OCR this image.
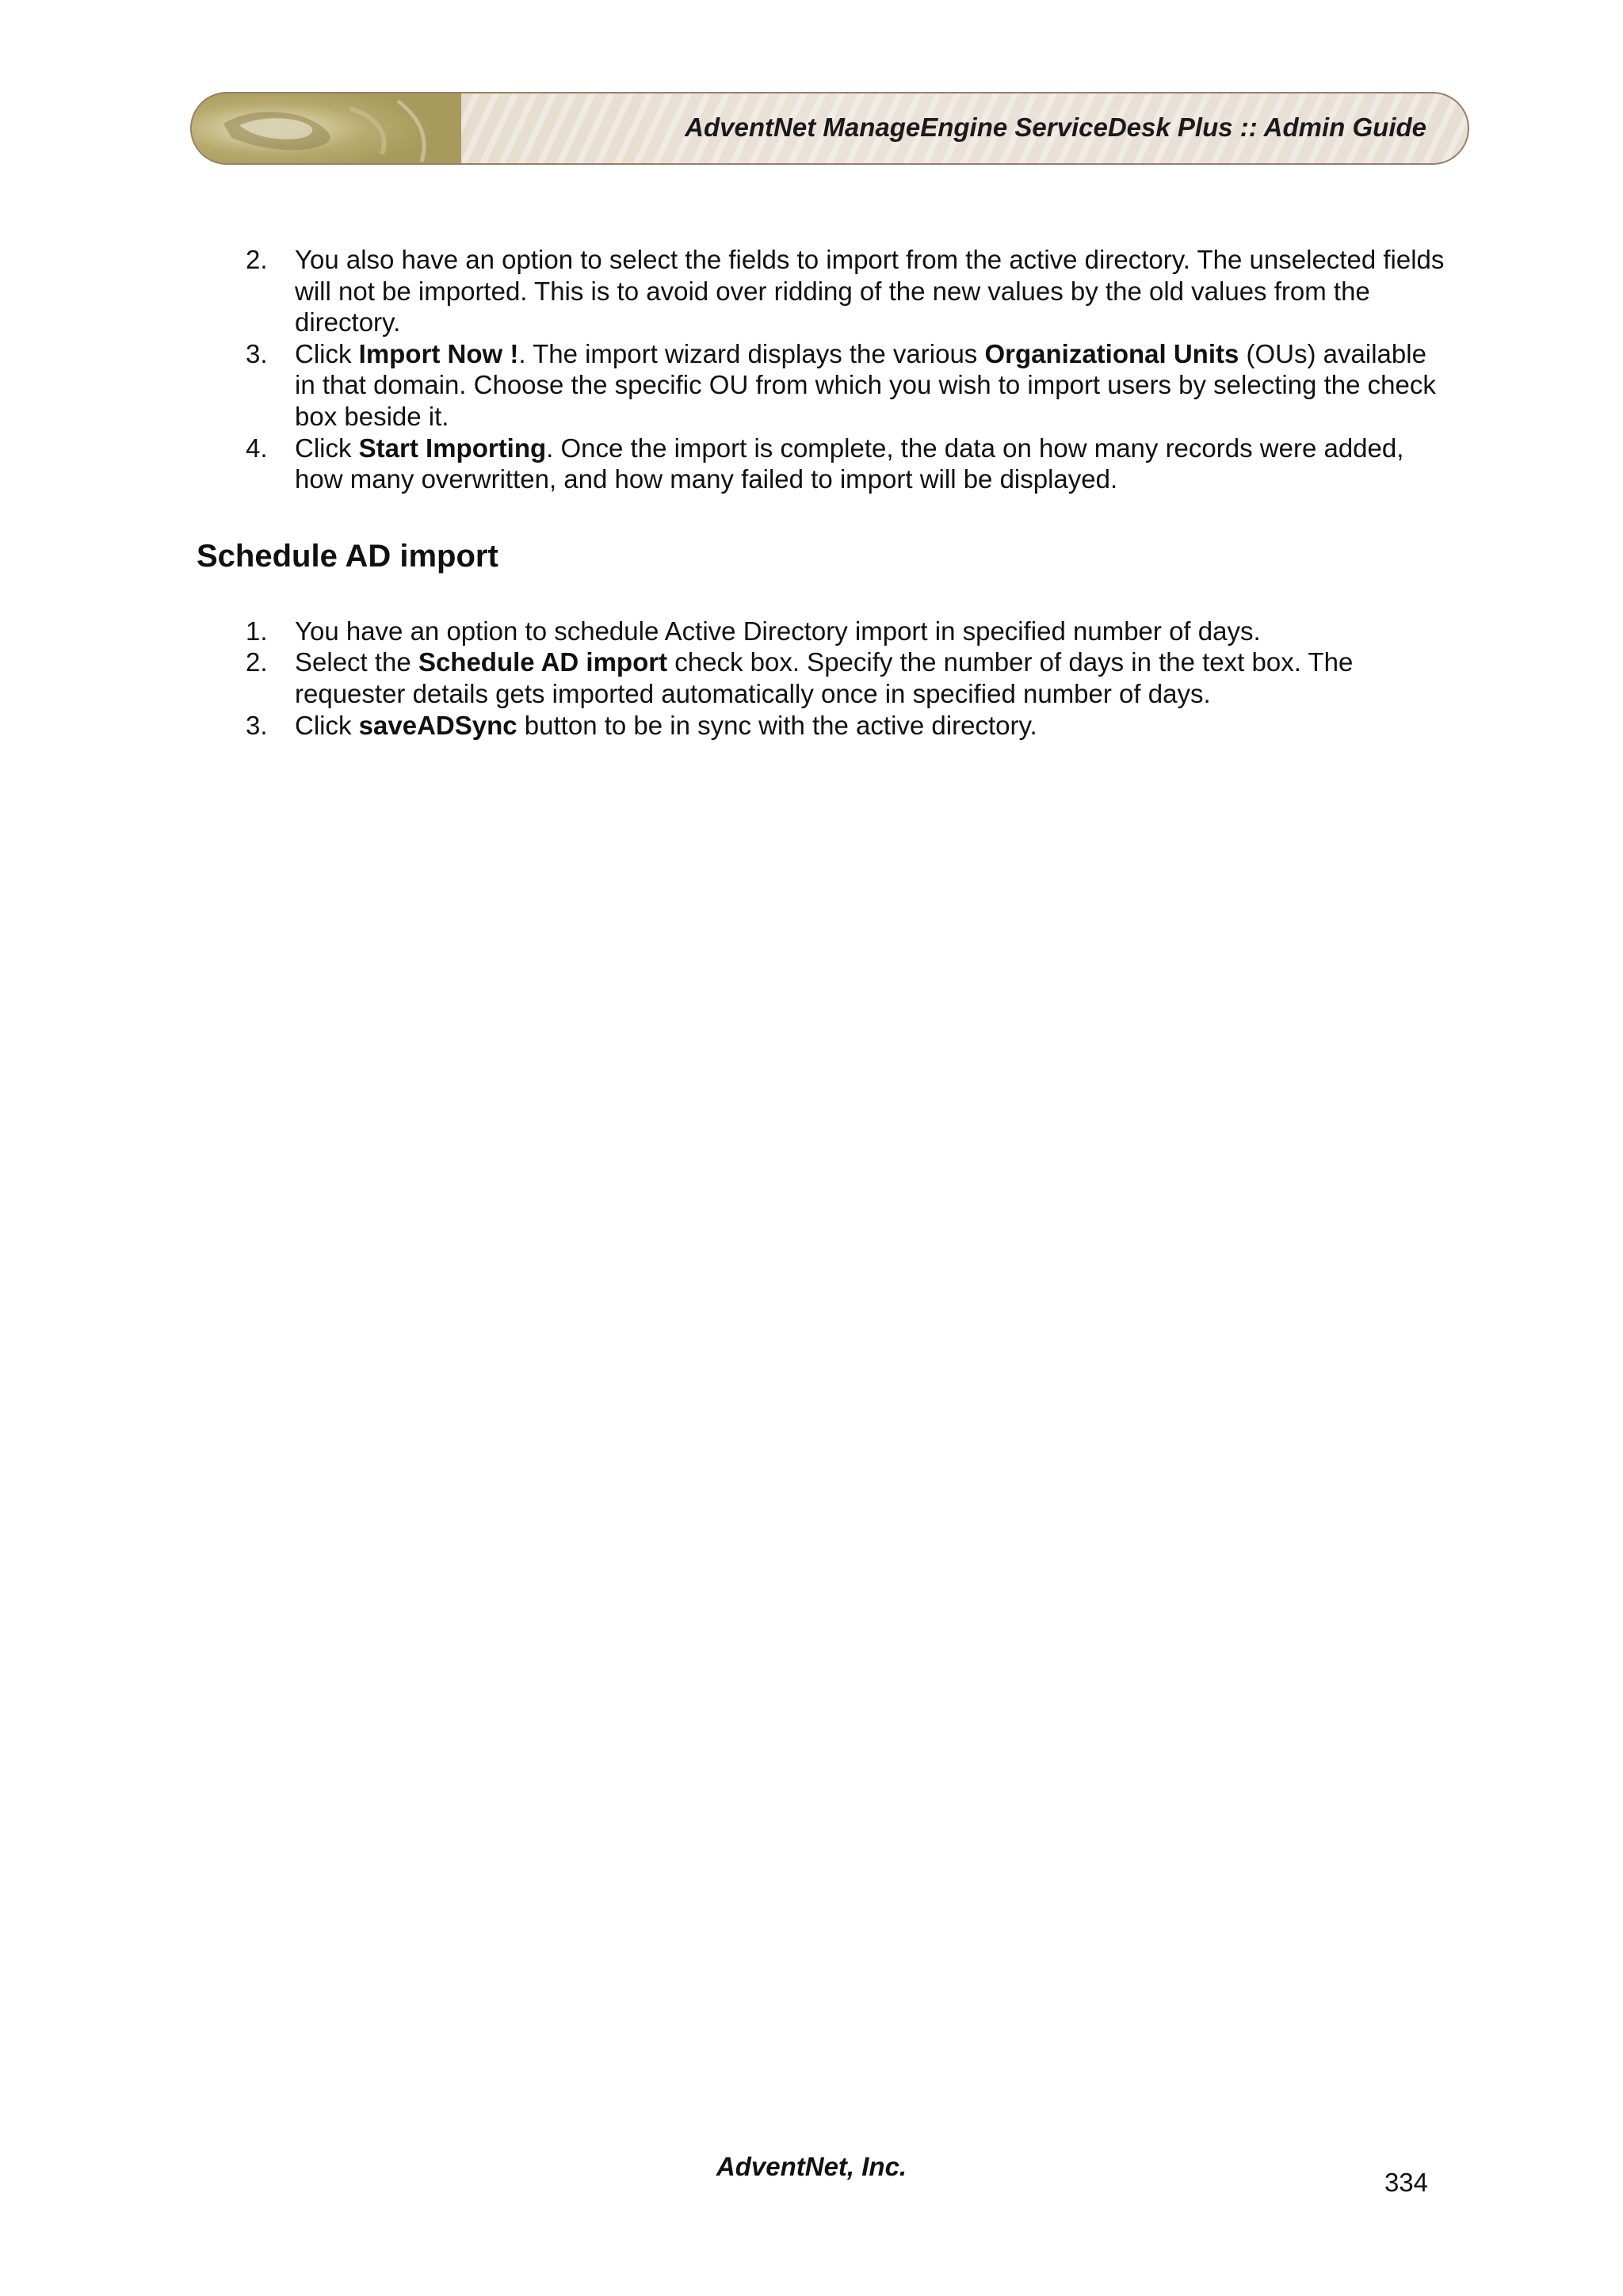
AdventNet ManageEngine ServiceDesk Plus :: Admin Guide
2. You also have an option to select the fields to import from the active directory. The unselected fields will not be imported. This is to avoid over ridding of the new values by the old values from the directory.
3. Click Import Now !. The import wizard displays the various Organizational Units (OUs) available in that domain. Choose the specific OU from which you wish to import users by selecting the check box beside it.
4. Click Start Importing. Once the import is complete, the data on how many records were added, how many overwritten, and how many failed to import will be displayed.
Schedule AD import
1. You have an option to schedule Active Directory import in specified number of days.
2. Select the Schedule AD import check box. Specify the number of days in the text box. The requester details gets imported automatically once in specified number of days.
3. Click saveADSync button to be in sync with the active directory.
AdventNet, Inc.
334
